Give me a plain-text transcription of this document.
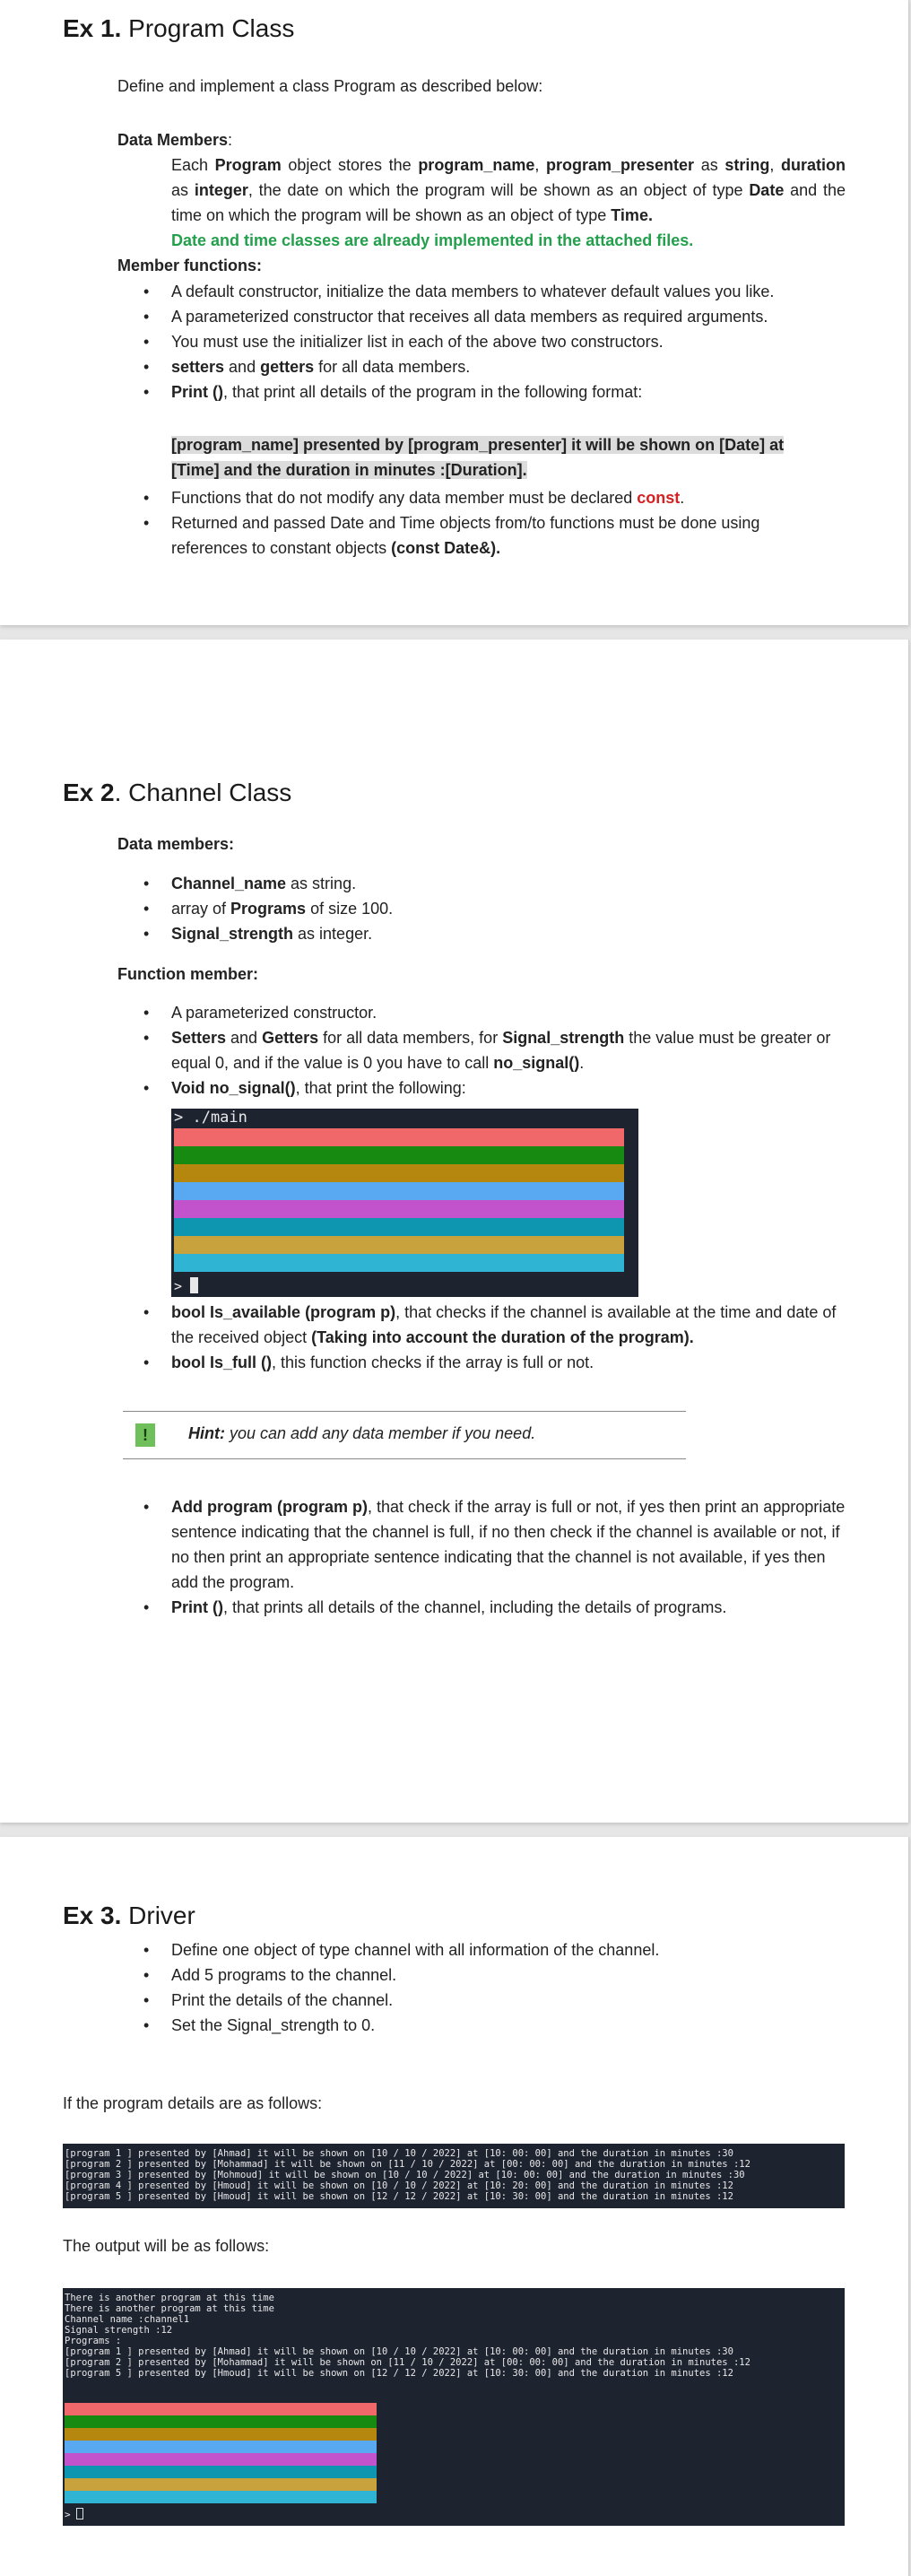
Ex 1. Program Class
Define and implement a class Program as described below:
Data Members:
Each Program object stores the program_name, program_presenter as string, duration as integer, the date on which the program will be shown as an object of type Date and the time on which the program will be shown as an object of type Time.
Date and time classes are already implemented in the attached files.
Member functions:
• A default constructor, initialize the data members to whatever default values you like.
• A parameterized constructor that receives all data members as required arguments.
• You must use the initializer list in each of the above two constructors.
• setters and getters for all data members.
• Print (), that print all details of the program in the following format:
[program_name] presented by [program_presenter] it will be shown on [Date] at
[Time] and the duration in minutes :[Duration].
• Functions that do not modify any data member must be declared const.
• Returned and passed Date and Time objects from/to functions must be done using
references to constant objects (const Date&).
Ex 2. Channel Class
Data members:
• Channel_name as string.
• array of Programs of size 100.
• Signal_strength as integer.
Function member:
• A parameterized constructor.
• Setters and Getters for all data members, for Signal_strength the value must be greater or equal 0, and if the value is 0 you have to call no_signal().
• Void no_signal(), that print the following:
> ./main
>
• bool Is_available (program p), that checks if the channel is available at the time and date of the received object (Taking into account the duration of the program).
• bool Is_full (), this function checks if the array is full or not.
!	Hint: you can add any data member if you need.
• Add program (program p), that check if the array is full or not, if yes then print an appropriate sentence indicating that the channel is full, if no then check if the channel is available or not, if no then print an appropriate sentence indicating that the channel is not available, if yes then add the program.
• Print (), that prints all details of the channel, including the details of programs.
Ex 3. Driver
• Define one object of type channel with all information of the channel.
• Add 5 programs to the channel.
• Print the details of the channel.
• Set the Signal_strength to 0.
If the program details are as follows:
[program 1 ] presented by [Ahmad] it will be shown on [10 / 10 / 2022] at [10: 00: 00] and the duration in minutes :30
[program 2 ] presented by [Mohammad] it will be shown on [11 / 10 / 2022] at [00: 00: 00] and the duration in minutes :12
[program 3 ] presented by [Mohmoud] it will be shown on [10 / 10 / 2022] at [10: 00: 00] and the duration in minutes :30
[program 4 ] presented by [Hmoud] it will be shown on [10 / 10 / 2022] at [10: 20: 00] and the duration in minutes :12
[program 5 ] presented by [Hmoud] it will be shown on [12 / 12 / 2022] at [10: 30: 00] and the duration in minutes :12
The output will be as follows:
There is another program at this time
There is another program at this time
Channel name :channel1
Signal strength :12
Programs :
[program 1 ] presented by [Ahmad] it will be shown on [10 / 10 / 2022] at [10: 00: 00] and the duration in minutes :30
[program 2 ] presented by [Mohammad] it will be shown on [11 / 10 / 2022] at [00: 00: 00] and the duration in minutes :12
[program 5 ] presented by [Hmoud] it will be shown on [12 / 12 / 2022] at [10: 30: 00] and the duration in minutes :12
>
